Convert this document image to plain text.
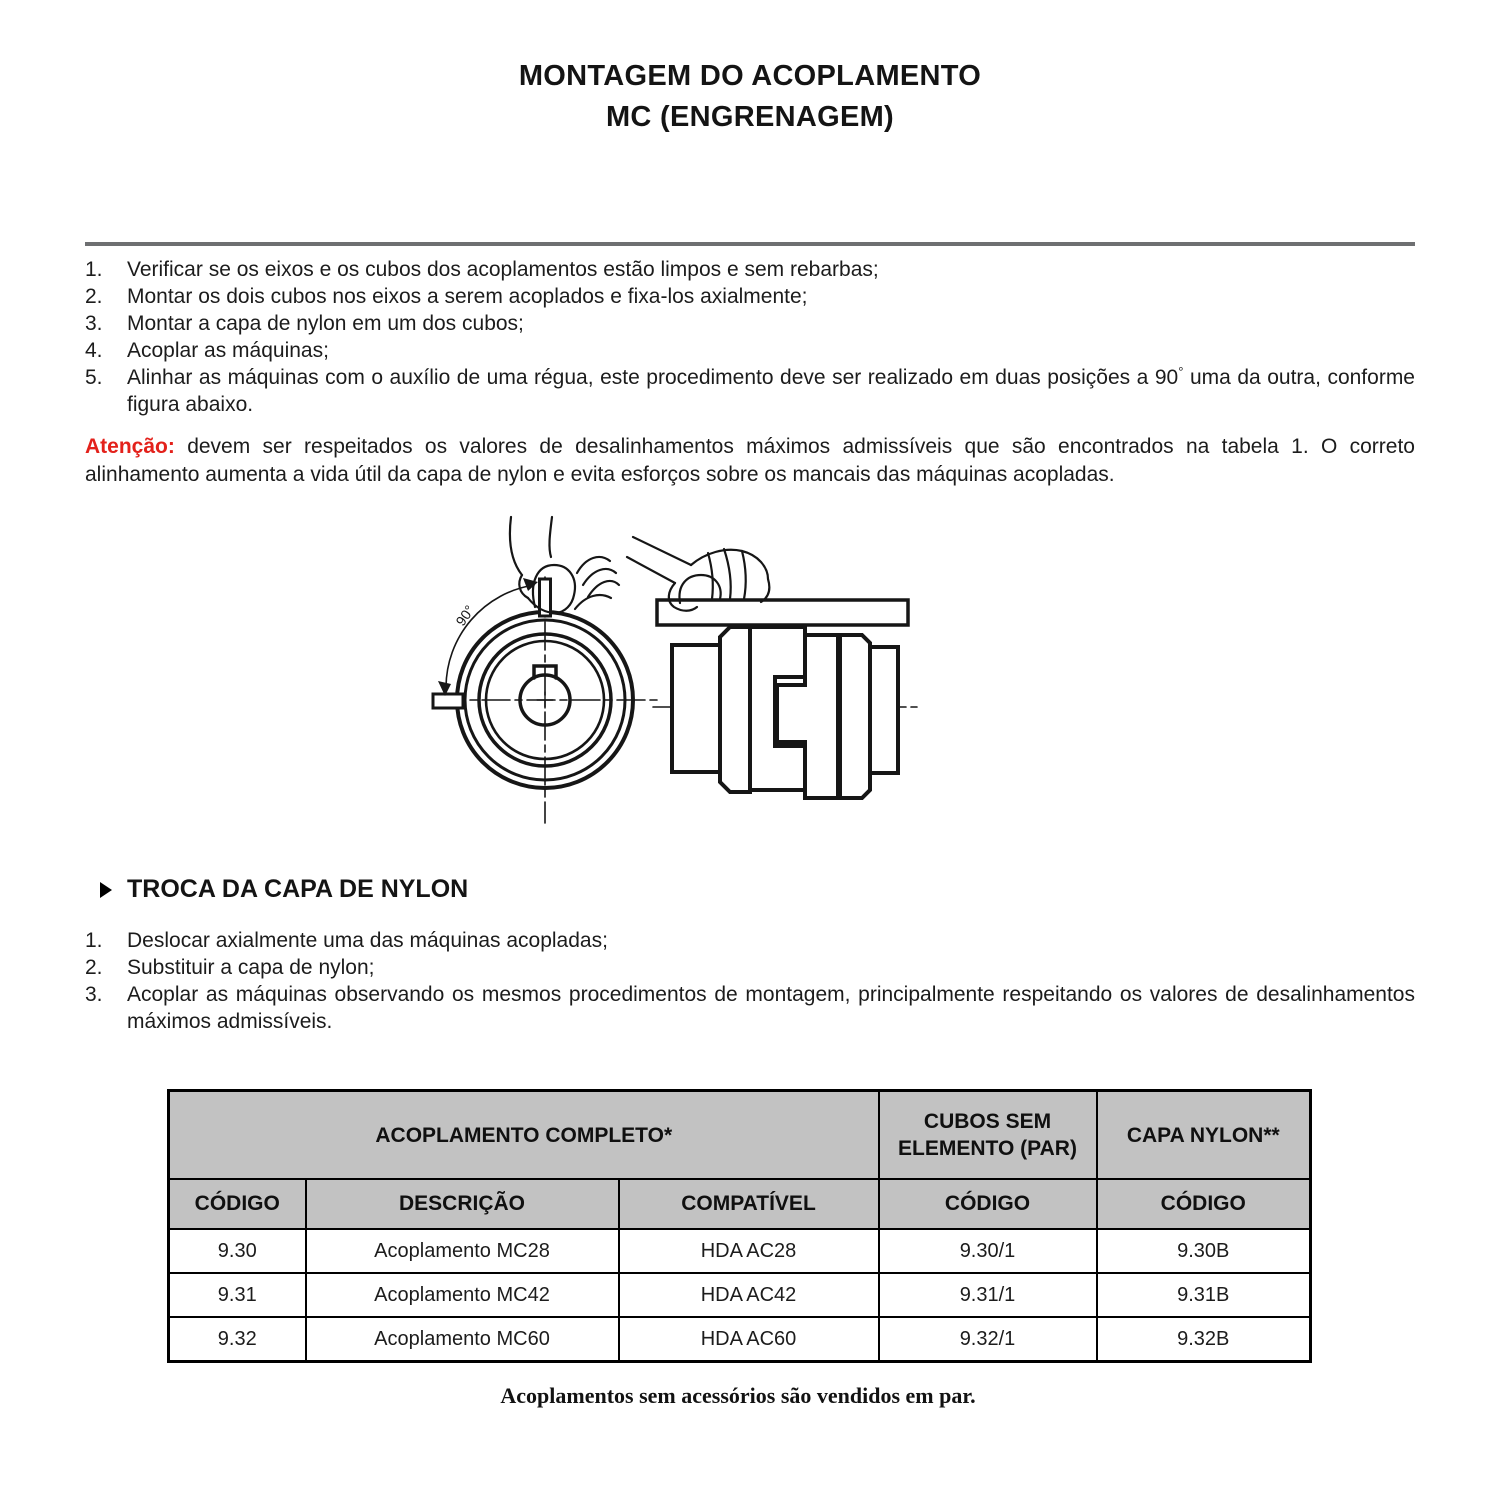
MONTAGEM DO ACOPLAMENTO
MC (ENGRENAGEM)
1.	Verificar se os eixos e os cubos dos acoplamentos estão limpos e sem rebarbas;
2.	Montar os dois cubos nos eixos a serem acoplados e fixa-los axialmente;
3.	Montar a capa de nylon em um dos cubos;
4.	Acoplar as máquinas;
5.	Alinhar as máquinas com o auxílio de uma régua, este procedimento deve ser realizado em duas posições a 90° uma da outra, conforme figura abaixo.

Atenção: devem ser respeitados os valores de desalinhamentos máximos admissíveis que são encontrados na tabela 1. O correto alinhamento aumenta a vida útil da capa de nylon e evita esforços sobre os mancais das máquinas acopladas.

90°
TROCA DA CAPA DE NYLON
1.	Deslocar axialmente uma das máquinas acopladas;
2.	Substituir a capa de nylon;
3.	Acoplar as máquinas observando os mesmos procedimentos de montagem, principalmente respeitando os valores de desalinhamentos máximos admissíveis.
ACOPLAMENTO COMPLETO*			CUBOS SEM ELEMENTO (PAR)	CAPA NYLON**
CÓDIGO	DESCRIÇÃO	COMPATÍVEL	CÓDIGO	CÓDIGO
9.30	Acoplamento MC28	HDA AC28	9.30/1	9.30B
9.31	Acoplamento MC42	HDA AC42	9.31/1	9.31B
9.32	Acoplamento MC60	HDA AC60	9.32/1	9.32B

Acoplamentos sem acessórios são vendidos em par.
